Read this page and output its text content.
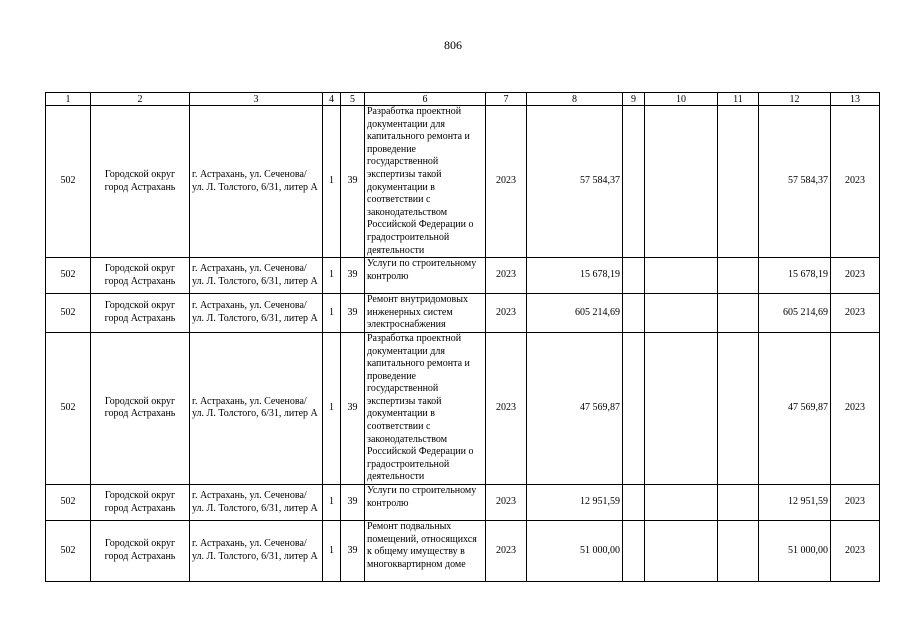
806
1	2	3	4	5	6	7	8	9	10	11	12	13
502	Городской округ город Астрахань	г. Астрахань, ул. Сеченова/ ул. Л. Толстого, 6/31, литер А	1	39	Разработка проектной документации для капитального ремонта и проведение государственной экспертизы такой документации в соответствии с законодательством Российской Федерации о градостроительной деятельности	2023	57 584,37				57 584,37	2023
502	Городской округ город Астрахань	г. Астрахань, ул. Сеченова/ ул. Л. Толстого, 6/31, литер А	1	39	Услуги по строительному контролю	2023	15 678,19				15 678,19	2023
502	Городской округ город Астрахань	г. Астрахань, ул. Сеченова/ ул. Л. Толстого, 6/31, литер А	1	39	Ремонт внутридомовых инженерных систем электроснабжения	2023	605 214,69				605 214,69	2023
502	Городской округ город Астрахань	г. Астрахань, ул. Сеченова/ ул. Л. Толстого, 6/31, литер А	1	39	Разработка проектной документации для капитального ремонта и проведение государственной экспертизы такой документации в соответствии с законодательством Российской Федерации о градостроительной деятельности	2023	47 569,87				47 569,87	2023
502	Городской округ город Астрахань	г. Астрахань, ул. Сеченова/ ул. Л. Толстого, 6/31, литер А	1	39	Услуги по строительному контролю	2023	12 951,59				12 951,59	2023
502	Городской округ город Астрахань	г. Астрахань, ул. Сеченова/ ул. Л. Толстого, 6/31, литер А	1	39	Ремонт подвальных помещений, относящихся к общему имуществу в многоквартирном доме	2023	51 000,00				51 000,00	2023
